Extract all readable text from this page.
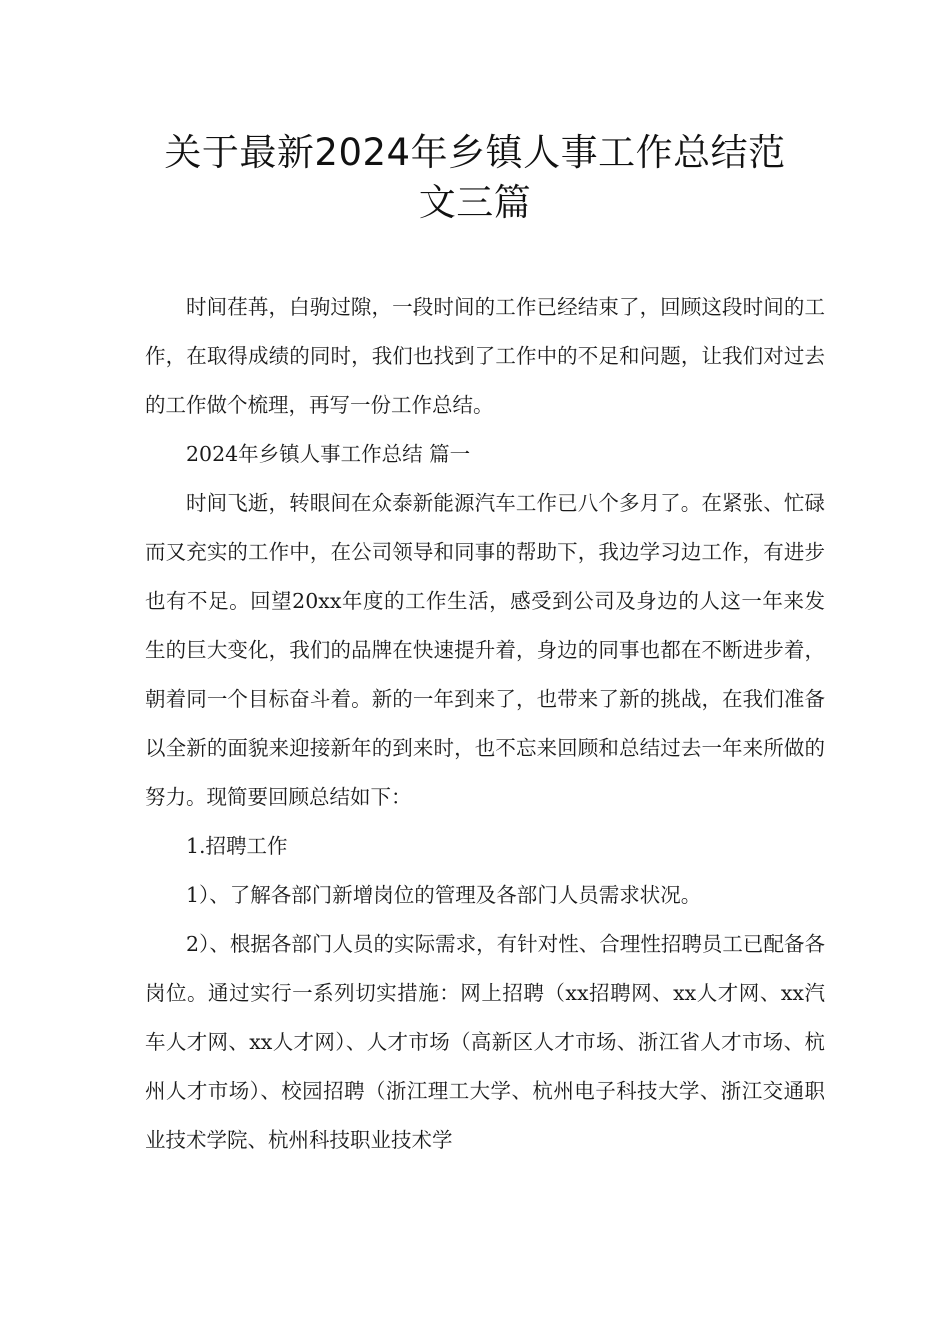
关于最新2024年乡镇人事工作总结范
文三篇

时间荏苒，白驹过隙，一段时间的工作已经结束了，回顾这段时间的工作，在取得成绩的同时，我们也找到了工作中的不足和问题，让我们对过去的工作做个梳理，再写一份工作总结。

2024年乡镇人事工作总结 篇一

时间飞逝，转眼间在众泰新能源汽车工作已八个多月了。在紧张、忙碌而又充实的工作中，在公司领导和同事的帮助下，我边学习边工作，有进步也有不足。回望20xx年度的工作生活，感受到公司及身边的人这一年来发生的巨大变化，我们的品牌在快速提升着，身边的同事也都在不断进步着，朝着同一个目标奋斗着。新的一年到来了，也带来了新的挑战，在我们准备以全新的面貌来迎接新年的到来时，也不忘来回顾和总结过去一年来所做的努力。现简要回顾总结如下：

1.招聘工作

1）、了解各部门新增岗位的管理及各部门人员需求状况。

2）、根据各部门人员的实际需求，有针对性、合理性招聘员工已配备各岗位。通过实行一系列切实措施：网上招聘（xx招聘网、xx人才网、xx汽车人才网、xx人才网）、人才市场（高新区人才市场、浙江省人才市场、杭州人才市场）、校园招聘（浙江理工大学、杭州电子科技大学、浙江交通职业技术学院、杭州科技职业技术学
